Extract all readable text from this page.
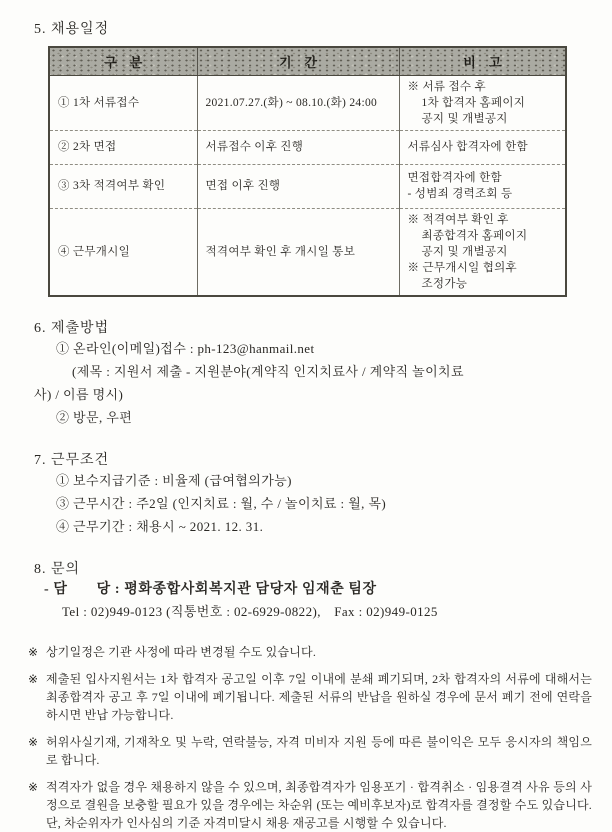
5. 채용일정
구　분	기　간	비　고
① 1차 서류접수	2021.07.27.(화) ~ 08.10.(화) 24:00	※ 서류 접수 후
1차 합격자 홈페이지
공지 및 개별공지

② 2차 면접	서류접수 이후 진행	서류심사 합격자에 한함

③ 3차 적격여부 확인	면접 이후 진행	면접합격자에 한함
- 성범죄 경력조회 등

④ 근무개시일	적격여부 확인 후 개시일 통보	※ 적격여부 확인 후
최종합격자 홈페이지
공지 및 개별공지
※ 근무개시일 협의후
조정가능
6. 제출방법
① 온라인(이메일)접수 : ph-123@hanmail.net
(제목 : 지원서 제출 - 지원분야(계약직 인지치료사 / 계약직 놀이치료
사) / 이름 명시)
② 방문, 우편
7. 근무조건
① 보수지급기준 : 비율제 (급여협의가능)
③ 근무시간 : 주2일 (인지치료 : 월, 수 / 놀이치료 : 월, 목)
④ 근무기간 : 채용시 ~ 2021. 12. 31.
8. 문의
- 담　　당 : 평화종합사회복지관 담당자 임재춘 팀장
Tel : 02)949-0123 (직통번호 : 02-6929-0822),　Fax : 02)949-0125
※ 상기일정은 기관 사정에 따라 변경될 수도 있습니다.
※ 제출된 입사지원서는 1차 합격자 공고일 이후 7일 이내에 분쇄 폐기되며, 2차 합격자의 서류에 대해서는 최종합격자 공고 후 7일 이내에 폐기됩니다. 제출된 서류의 반납을 원하실 경우에 문서 폐기 전에 연락을 하시면 반납 가능합니다.
※ 허위사실기재, 기재착오 및 누락, 연락불능, 자격 미비자 지원 등에 따른 불이익은 모두 응시자의 책임으로 합니다.
※ 적격자가 없을 경우 채용하지 않을 수 있으며, 최종합격자가 임용포기 · 합격취소 · 임용결격 사유 등의 사정으로 결원을 보충할 필요가 있을 경우에는 차순위 (또는 예비후보자)로 합격자를 결정할 수도 있습니다. 단, 차순위자가 인사심의 기준 자격미달시 채용 재공고를 시행할 수 있습니다.
